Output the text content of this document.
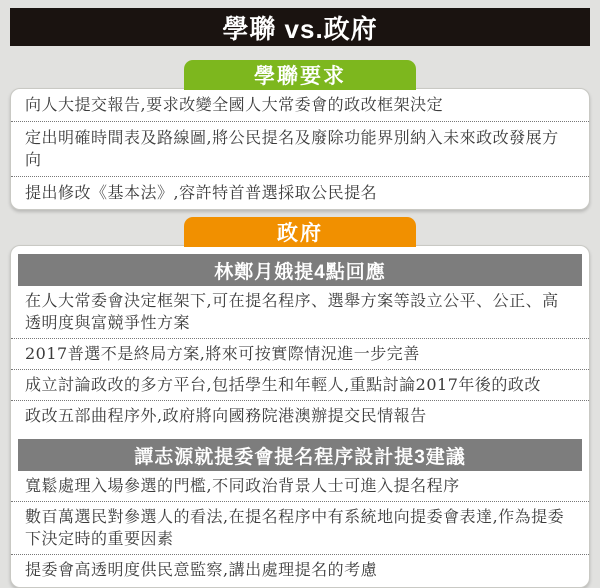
學聯 vs.政府
學聯要求
向人大提交報告,要求改變全國人大常委會的政改框架決定
定出明確時間表及路線圖,將公民提名及廢除功能界別納入未來政改發展方向
提出修改《基本法》,容許特首普選採取公民提名
政府
林鄭月娥提4點回應
在人大常委會決定框架下,可在提名程序、選舉方案等設立公平、公正、高透明度與富競爭性方案
2017普選不是終局方案,將來可按實際情況進一步完善
成立討論政改的多方平台,包括學生和年輕人,重點討論2017年後的政改
政改五部曲程序外,政府將向國務院港澳辦提交民情報告
譚志源就提委會提名程序設計提3建議
寬鬆處理入場參選的門檻,不同政治背景人士可進入提名程序
數百萬選民對參選人的看法,在提名程序中有系統地向提委會表達,作為提委下決定時的重要因素
提委會高透明度供民意監察,講出處理提名的考慮
